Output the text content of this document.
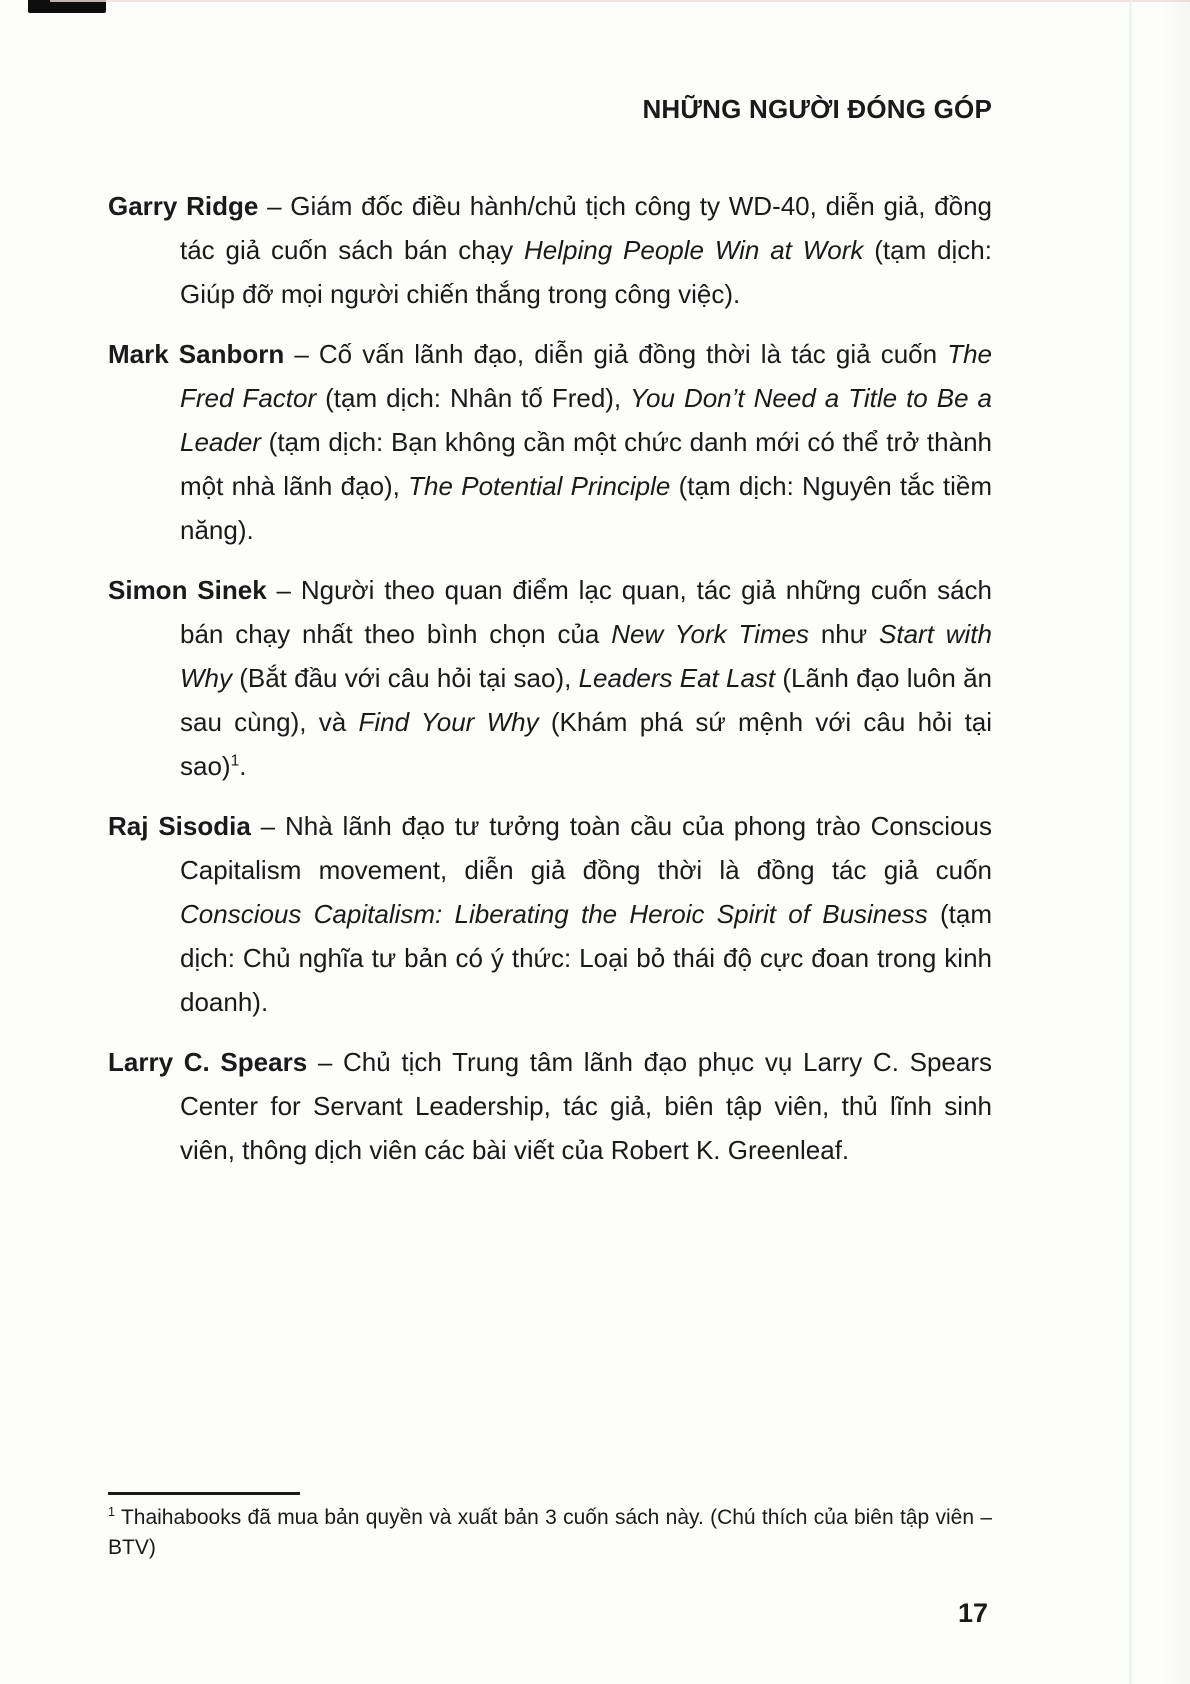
NHỮNG NGƯỜI ĐÓNG GÓP

Garry Ridge – Giám đốc điều hành/chủ tịch công ty WD-40, diễn giả, đồng tác giả cuốn sách bán chạy Helping People Win at Work (tạm dịch: Giúp đỡ mọi người chiến thắng trong công việc).

Mark Sanborn – Cố vấn lãnh đạo, diễn giả đồng thời là tác giả cuốn The Fred Factor (tạm dịch: Nhân tố Fred), You Don’t Need a Title to Be a Leader (tạm dịch: Bạn không cần một chức danh mới có thể trở thành một nhà lãnh đạo), The Potential Principle (tạm dịch: Nguyên tắc tiềm năng).

Simon Sinek – Người theo quan điểm lạc quan, tác giả những cuốn sách bán chạy nhất theo bình chọn của New York Times như Start with Why (Bắt đầu với câu hỏi tại sao), Leaders Eat Last (Lãnh đạo luôn ăn sau cùng), và Find Your Why (Khám phá sứ mệnh với câu hỏi tại sao)$^1$.

Raj Sisodia – Nhà lãnh đạo tư tưởng toàn cầu của phong trào Conscious Capitalism movement, diễn giả đồng thời là đồng tác giả cuốn Conscious Capitalism: Liberating the Heroic Spirit of Business (tạm dịch: Chủ nghĩa tư bản có ý thức: Loại bỏ thái độ cực đoan trong kinh doanh).

Larry C. Spears – Chủ tịch Trung tâm lãnh đạo phục vụ Larry C. Spears Center for Servant Leadership, tác giả, biên tập viên, thủ lĩnh sinh viên, thông dịch viên các bài viết của Robert K. Greenleaf.

$^1$ Thaihabooks đã mua bản quyền và xuất bản 3 cuốn sách này. (Chú thích của biên tập viên – BTV)

17
